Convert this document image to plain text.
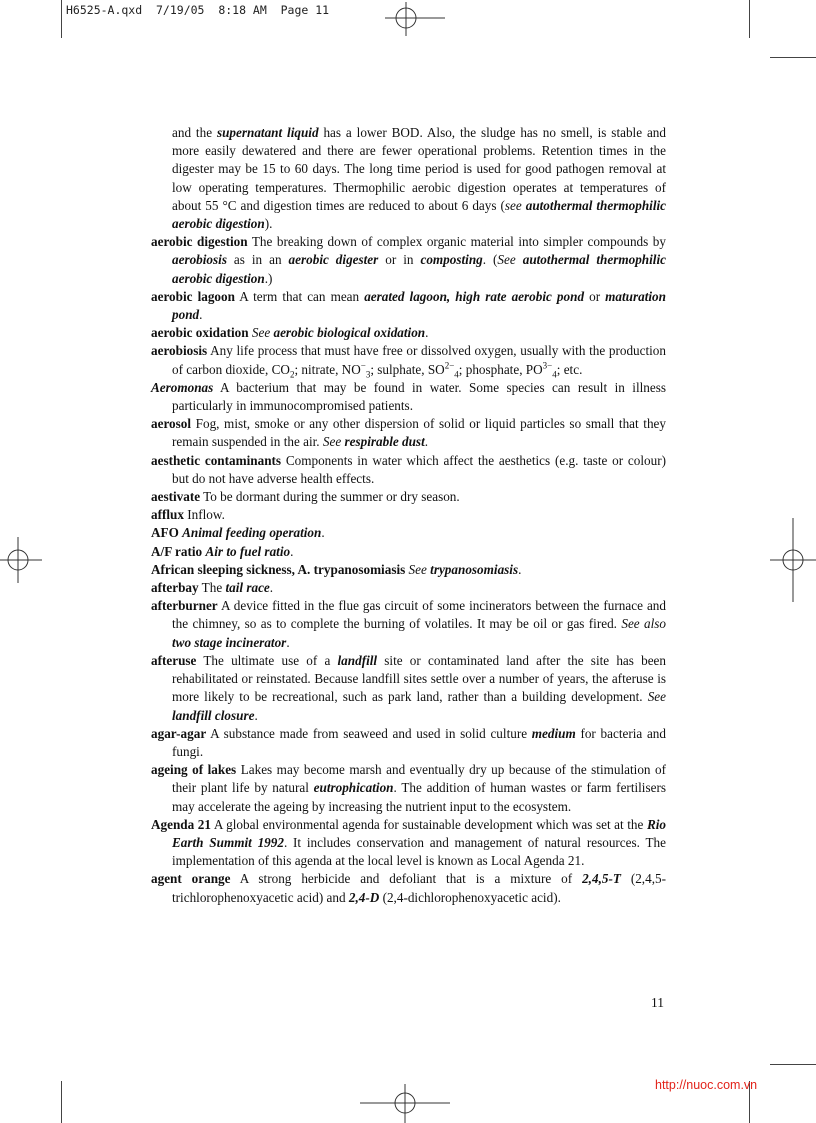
H6525-A.qxd  7/19/05  8:18 AM  Page 11

and the supernatant liquid has a lower BOD. Also, the sludge has no smell, is stable and more easily dewatered and there are fewer operational problems. Retention times in the digester may be 15 to 60 days. The long time period is used for good pathogen removal at low operating temperatures. Thermophilic aerobic digestion operates at temperatures of about 55 °C and digestion times are reduced to about 6 days (see autothermal thermophilic aerobic digestion).

aerobic digestion The breaking down of complex organic material into simpler compounds by aerobiosis as in an aerobic digester or in composting. (See autothermal thermophilic aerobic digestion.)

aerobic lagoon A term that can mean aerated lagoon, high rate aerobic pond or maturation pond.

aerobic oxidation See aerobic biological oxidation.

aerobiosis Any life process that must have free or dissolved oxygen, usually with the production of carbon dioxide, $CO_2$; nitrate, $NO^-_3$; sulphate, $SO^{2-}_4$; phosphate, $PO^{3-}_4$; etc.

Aeromonas A bacterium that may be found in water. Some species can result in illness particularly in immunocompromised patients.

aerosol Fog, mist, smoke or any other dispersion of solid or liquid particles so small that they remain suspended in the air. See respirable dust.

aesthetic contaminants Components in water which affect the aesthetics (e.g. taste or colour) but do not have adverse health effects.

aestivate To be dormant during the summer or dry season.

afflux Inflow.

AFO Animal feeding operation.

A/F ratio Air to fuel ratio.

African sleeping sickness, A. trypanosomiasis See trypanosomiasis.

afterbay The tail race.

afterburner A device fitted in the flue gas circuit of some incinerators between the furnace and the chimney, so as to complete the burning of volatiles. It may be oil or gas fired. See also two stage incinerator.

afteruse The ultimate use of a landfill site or contaminated land after the site has been rehabilitated or reinstated. Because landfill sites settle over a number of years, the afteruse is more likely to be recreational, such as park land, rather than a building development. See landfill closure.

agar-agar A substance made from seaweed and used in solid culture medium for bacteria and fungi.

ageing of lakes Lakes may become marsh and eventually dry up because of the stimulation of their plant life by natural eutrophication. The addition of human wastes or farm fertilisers may accelerate the ageing by increasing the nutrient input to the ecosystem.

Agenda 21 A global environmental agenda for sustainable development which was set at the Rio Earth Summit 1992. It includes conservation and management of natural resources. The implementation of this agenda at the local level is known as Local Agenda 21.

agent orange A strong herbicide and defoliant that is a mixture of 2,4,5-T (2,4,5-trichlorophenoxyacetic acid) and 2,4-D (2,4-dichlorophenoxyacetic acid).

11
http://nuoc.com.vn
